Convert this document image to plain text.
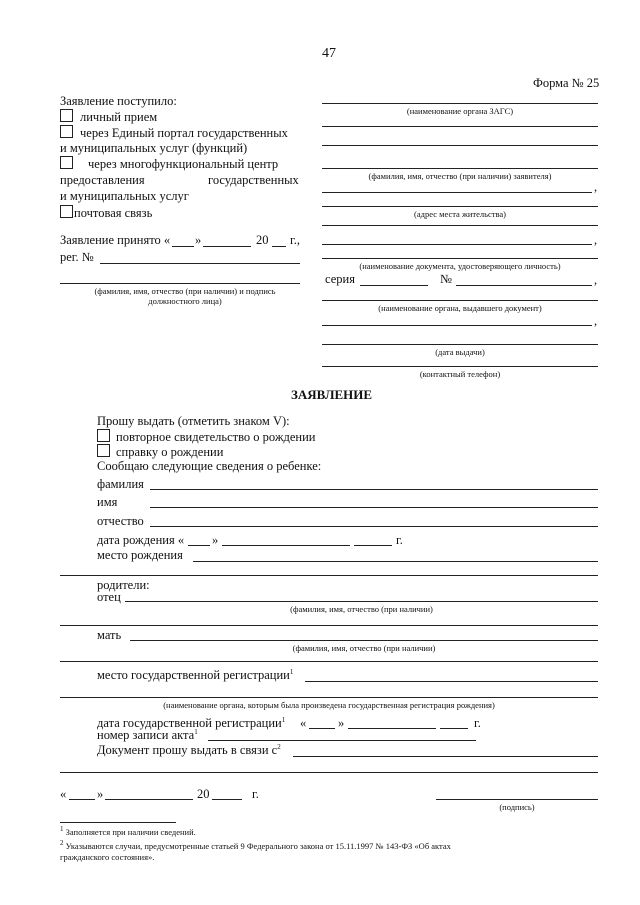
47
Форма № 25
Заявление поступило:
личный прием
через Единый портал государственных
и муниципальных услуг (функций)
через многофункциональный центр
предоставления	государственных
и муниципальных услуг
почтовая связь
Заявление принято « »	20 г.,
рег. №
(фамилия, имя, отчество (при наличии) и подпись
должностного лица)
(наименование органа ЗАГС)
(фамилия, имя, отчество (при наличии) заявителя)
,
(адрес места жительства)
,
(наименование документа, удостоверяющего личность)
серия	№	,
(наименование органа, выдавшего документ)
,
(дата выдачи)
(контактный телефон)
ЗАЯВЛЕНИЕ
Прошу выдать (отметить знаком V):
повторное свидетельство о рождении
справку о рождении
Сообщаю следующие сведения о ребенке:
фамилия
имя
отчество
дата рождения « »	г.
место рождения
родители:
отец
(фамилия, имя, отчество (при наличии)
мать
(фамилия, имя, отчество (при наличии)
место государственной регистрации$^1$
(наименование органа, которым была произведена государственная регистрация рождения)
дата государственной регистрации$^1$ «	»	г.
номер записи акта$^1$
Документ прошу выдать в связи $с^2$
« »	20	г.
(подпись)
$^1$ Заполняется при наличии сведений.
$^2$ Указываются случаи, предусмотренные статьей 9 Федерального закона от 15.11.1997 № 143-ФЗ «Об актах
гражданского состояния».
